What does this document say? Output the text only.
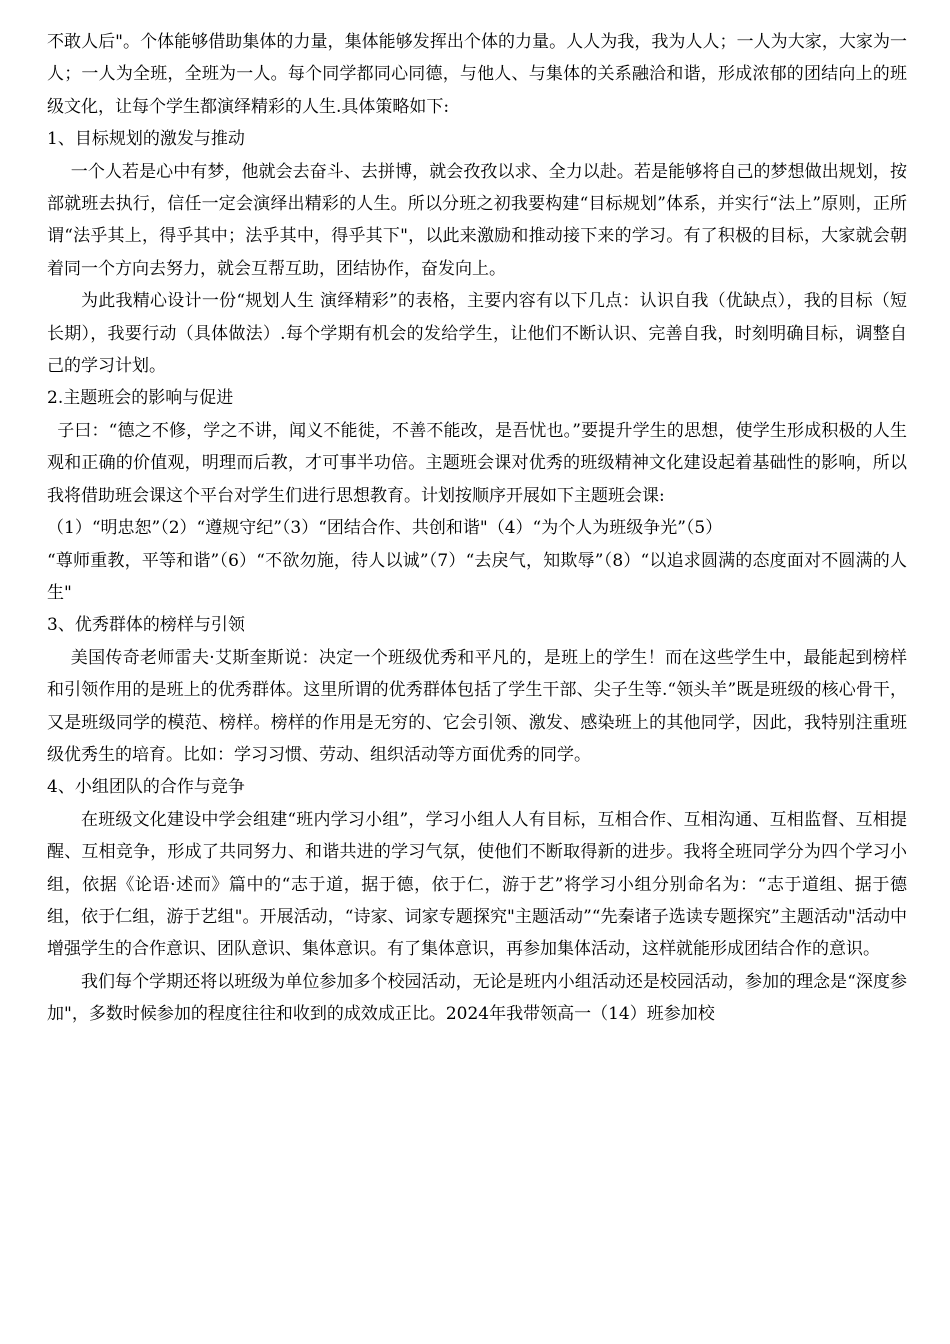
不敢人后"。个体能够借助集体的力量，集体能够发挥出个体的力量。人人为我，我为人人；一人为大家，大家为一人；一人为全班，全班为一人。每个同学都同心同德，与他人、与集体的关系融洽和谐，形成浓郁的团结向上的班级文化，让每个学生都演绎精彩的人生.具体策略如下:

1、目标规划的激发与推动

一个人若是心中有梦，他就会去奋斗、去拼博，就会孜孜以求、全力以赴。若是能够将自己的梦想做出规划，按部就班去执行，信任一定会演绎出精彩的人生。所以分班之初我要构建“目标规划”体系，并实行“法上”原则，正所谓“法乎其上，得乎其中；法乎其中，得乎其下"，以此来激励和推动接下来的学习。有了积极的目标，大家就会朝着同一个方向去努力，就会互帮互助，团结协作，奋发向上。

为此我精心设计一份“规划人生 演绎精彩”的表格，主要内容有以下几点：认识自我（优缺点），我的目标（短长期），我要行动（具体做法）.每个学期有机会的发给学生，让他们不断认识、完善自我，时刻明确目标，调整自己的学习计划。

2.主题班会的影响与促进

子曰：“德之不修，学之不讲，闻义不能徙，不善不能改，是吾忧也。”要提升学生的思想，使学生形成积极的人生观和正确的价值观，明理而后教，才可事半功倍。主题班会课对优秀的班级精神文化建设起着基础性的影响，所以我将借助班会课这个平台对学生们进行思想教育。计划按顺序开展如下主题班会课:

（1）“明忠恕”（2）“遵规守纪”（3）“团结合作、共创和谐"（4）“为个人为班级争光”（5）

“尊师重教，平等和谐”（6）“不欲勿施，待人以诚”（7）“去戾气，知欺辱”（8）“以追求圆满的态度面对不圆满的人生"

3、优秀群体的榜样与引领

美国传奇老师雷夫·艾斯奎斯说：决定一个班级优秀和平凡的，是班上的学生！而在这些学生中，最能起到榜样和引领作用的是班上的优秀群体。这里所谓的优秀群体包括了学生干部、尖子生等.“领头羊”既是班级的核心骨干，又是班级同学的模范、榜样。榜样的作用是无穷的、它会引领、激发、感染班上的其他同学，因此，我特别注重班级优秀生的培育。比如：学习习惯、劳动、组织活动等方面优秀的同学。

4、小组团队的合作与竞争

在班级文化建设中学会组建“班内学习小组”，学习小组人人有目标，互相合作、互相沟通、互相监督、互相提醒、互相竞争，形成了共同努力、和谐共进的学习气氛，使他们不断取得新的进步。我将全班同学分为四个学习小组，依据《论语·述而》篇中的“志于道，据于德，依于仁，游于艺”将学习小组分别命名为：“志于道组、据于德组，依于仁组，游于艺组"。开展活动，“诗家、词家专题探究"主题活动”“先秦诸子选读专题探究”主题活动"活动中增强学生的合作意识、团队意识、集体意识。有了集体意识，再参加集体活动，这样就能形成团结合作的意识。

我们每个学期还将以班级为单位参加多个校园活动，无论是班内小组活动还是校园活动，参加的理念是“深度参加"，多数时候参加的程度往往和收到的成效成正比。2024年我带领高一（14）班参加校
